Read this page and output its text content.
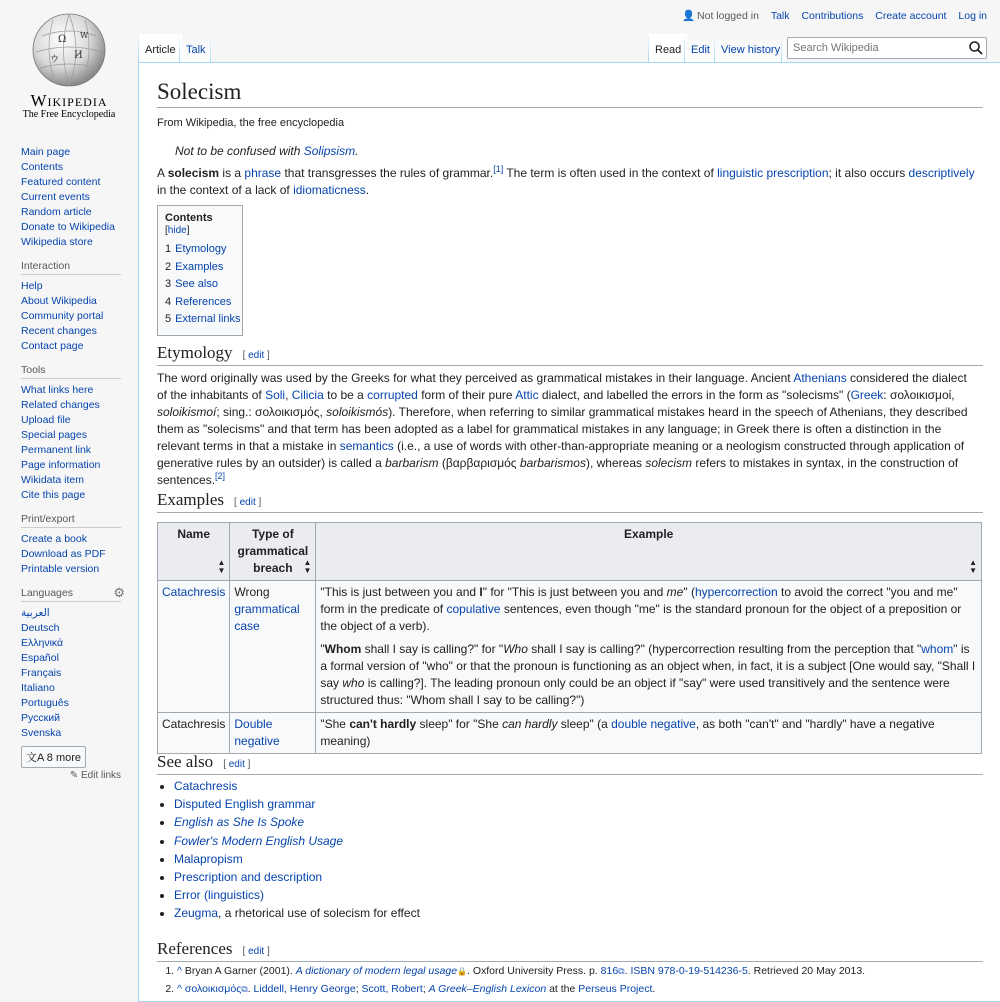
Ω
И
ウ
W
Wikipedia
The Free Encyclopedia
Main page
Contents
Featured content
Current events
Random article
Donate to Wikipedia
Wikipedia store
Interaction
Help
About Wikipedia
Community portal
Recent changes
Contact page
Tools
What links here
Related changes
Upload file
Special pages
Permanent link
Page information
Wikidata item
Cite this page
Print/export
Create a book
Download as PDF
Printable version
Languages	⚙
العربية
Deutsch
Ελληνικά
Español
Français
Italiano
Português
Русский
Svenska
文A 8 more
✎ Edit links
👤 Not logged in Talk Contributions Create account Log in
Article Talk	Read Edit	View history
Search Wikipedia
Solecism
From Wikipedia, the free encyclopedia
Not to be confused with Solipsism.
A solecism is a phrase that transgresses the rules of grammar.[1] The term is often used in the context of linguistic prescription; it also occurs descriptively in the context of a lack of idiomaticness.
Contents [hide]
1 Etymology
2 Examples
3 See also
4 References
5 External links
Etymology [ edit ]
The word originally was used by the Greeks for what they perceived as grammatical mistakes in their language. Ancient Athenians considered the dialect of the inhabitants of Soli, Cilicia to be a corrupted form of their pure Attic dialect, and labelled the errors in the form as "solecisms" (Greek: σολοικισμοί, soloikismoí; sing.: σολοικισμός, soloikismós). Therefore, when referring to similar grammatical mistakes heard in the speech of Athenians, they described them as "solecisms" and that term has been adopted as a label for grammatical mistakes in any language; in Greek there is often a distinction in the relevant terms in that a mistake in semantics (i.e., a use of words with other-than-appropriate meaning or a neologism constructed through application of generative rules by an outsider) is called a barbarism (βαρβαρισμός barbarismos), whereas solecism refers to mistakes in syntax, in the construction of sentences.[2]
Examples [ edit ]
Name
▲
▼	Type of grammatical breach ▲
▼	Example
▲
▼

Catachresis	Wrong grammatical case	"This is just between you and I" for "This is just between you and me" (hypercorrection to avoid the correct "you and me" form in the predicate of copulative sentences, even though "me" is the standard pronoun for the object of a preposition or the object of a verb).

"Whom shall I say is calling?" for "Who shall I say is calling?" (hypercorrection resulting from the perception that "whom" is a formal version of "who" or that the pronoun is functioning as an object when, in fact, it is a subject [One would say, "Shall I say who is calling?]. The leading pronoun only could be an object if "say" were used transitively and the sentence were structured thus: "Whom shall I say to be calling?")

Catachresis	Double negative	"She can't hardly sleep" for "She can hardly sleep" (a double negative, as both "can't" and "hardly" have a negative meaning)
See also [ edit ]
• Catachresis
• Disputed English grammar
• English as She Is Spoke
• Fowler's Modern English Usage
• Malapropism
• Prescription and description
• Error (linguistics)
• Zeugma, a rhetorical use of solecism for effect
References [ edit ]
1. ^ Bryan A Garner (2001). A dictionary of modern legal usage🔒. Oxford University Press. p. 816⧉. ISBN 978-0-19-514236-5. Retrieved 20 May 2013.
2. ^ σολοικισμός⧉. Liddell, Henry George; Scott, Robert; A Greek–English Lexicon at the Perseus Project.
